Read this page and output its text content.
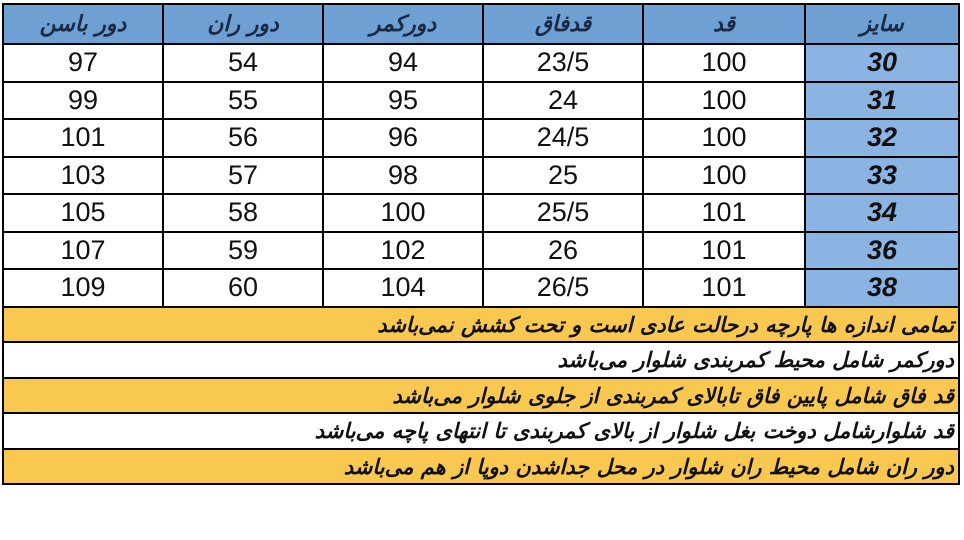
سایز
قد
قدفاق
دورکمر
دور ران
دور باسن
30
100
23/5
94
54
97
31
100
24
95
55
99
32
100
24/5
96
56
101
33
100
25
98
57
103
34
101
25/5
100
58
105
36
101
26
102
59
107
38
101
26/5
104
60
109
تمامی اندازه ها پارچه درحالت عادی است و تحت کشش نمی‌باشد
دورکمر شامل محیط کمربندی شلوار می‌باشد
قد فاق شامل پایین فاق تابالای کمربندی از جلوی شلوار می‌باشد
قد شلوارشامل دوخت بغل شلوار از بالای کمربندی تا انتهای پاچه می‌باشد
دور ران شامل محیط ران شلوار در محل جداشدن دوپا از هم می‌باشد
